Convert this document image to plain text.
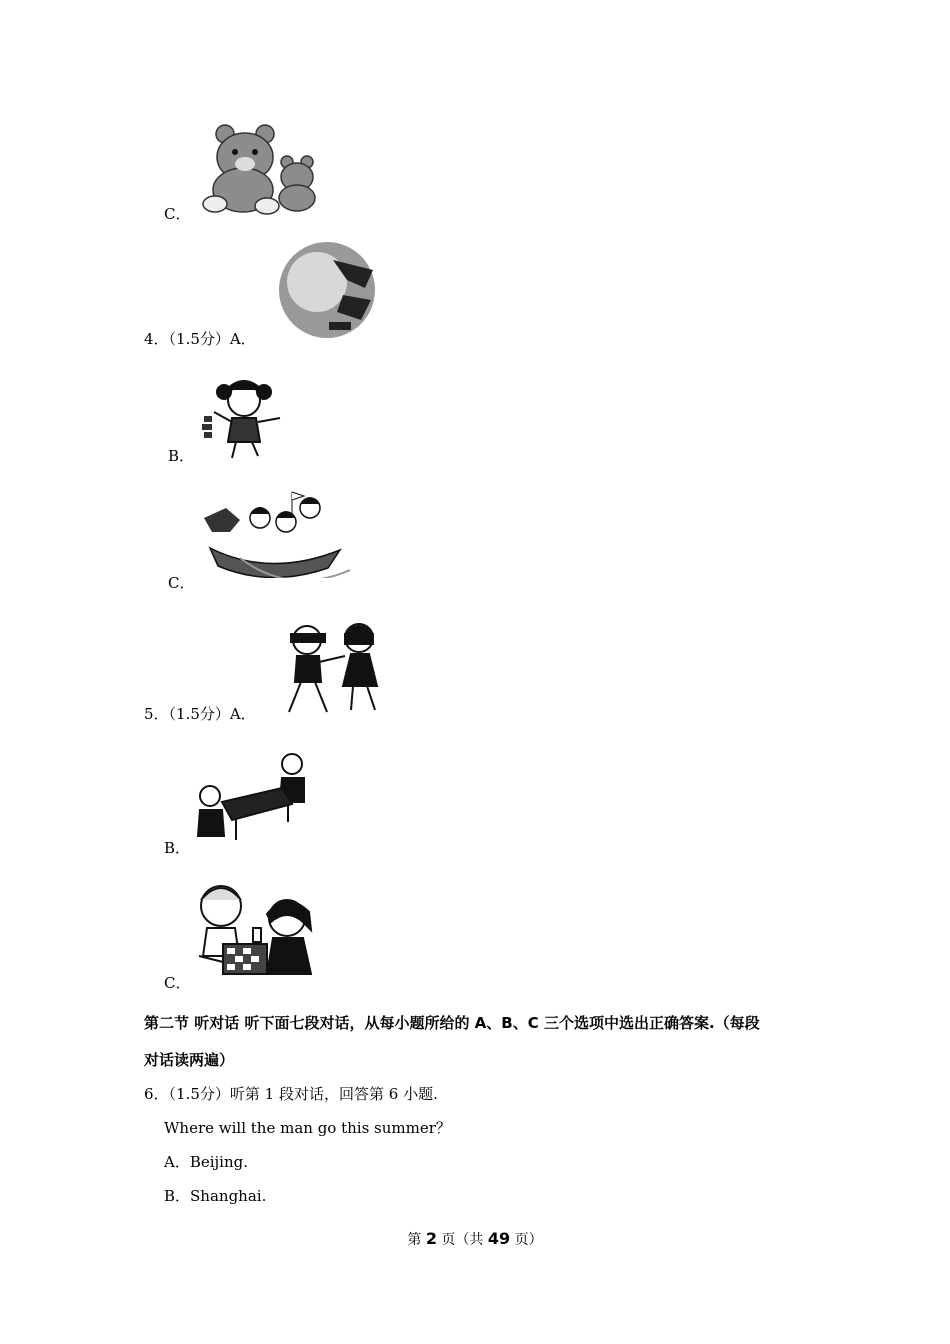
C．
4．（1.5分）A．
B．
C．
5．（1.5分）A．
B．
C．
第二节 听对话 听下面七段对话，从每小题所给的 A、B、C 三个选项中选出正确答案.（每段
对话读两遍）
6．（1.5分）听第 1 段对话，回答第 6 小题.
Where will the man go this summer？
A．Beijing.
B．Shanghai.
第 2 页（共 49 页）
